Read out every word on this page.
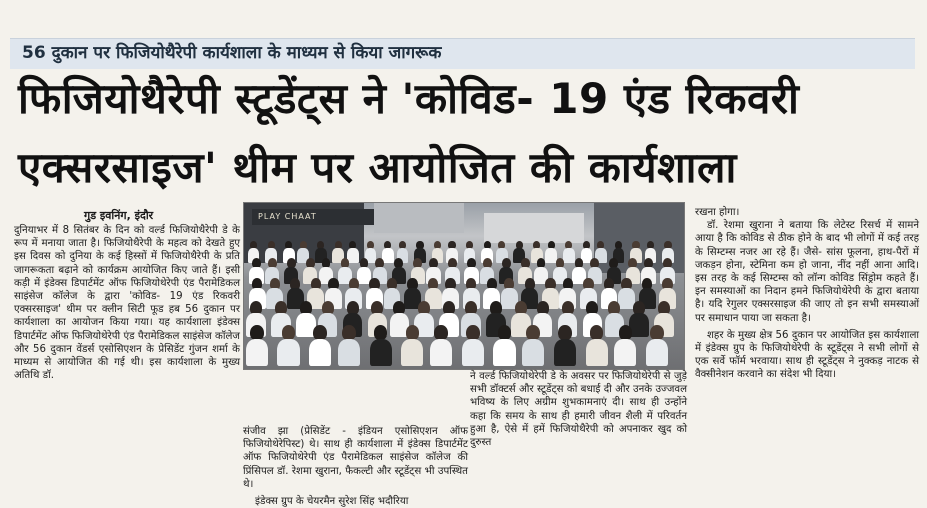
56 दुकान पर फिजियोथैरेपी कार्यशाला के माध्यम से किया जागरूक
फिजियोथैरेपी स्टूडेंट्स ने 'कोविड- 19 एंड रिकवरी
एक्सरसाइज' थीम पर आयोजित की कार्यशाला
गुड इवनिंग, इंदौर

दुनियाभर में 8 सितंबर के दिन को वर्ल्ड फिजियोथैरेपी डे के रूप में मनाया जाता है। फिजियोथैरेपी के महत्व को देखते हुए इस दिवस को दुनिया के कई हिस्सों में फिजियोथैरेपी के प्रति जागरूकता बढ़ाने को कार्यक्रम आयोजित किए जाते हैं। इसी कड़ी में इंडेक्स डिपार्टमेंट ऑफ फिजियोथेरेपी एंड पैरामेडिकल साइंसेज कॉलेज के द्वारा 'कोविड- 19 एंड रिकवरी एक्सरसाइज' थीम पर क्लीन सिटी फूड हब 56 दुकान पर कार्यशाला का आयोजन किया गया। यह कार्यशाला इंडेक्स डिपार्टमेंट ऑफ फिजियोथेरेपी एंड पैरामेडिकल साइंसेज कॉलेज और 56 दुकान वेंडर्स एसोसिएशन के प्रेसिडेंट गुंजन शर्मा के माध्यम से आयोजित की गई थी। इस कार्यशाला के मुख्य अतिथि डॉ.

PLAY CHAAT

संजीव झा (प्रेसिडेंट - इंडियन एसोसिएशन ऑफ फिजियोथेरेपिस्ट) थे। साथ ही कार्यशाला में इंडेक्स डिपार्टमेंट ऑफ फिजियोथेरेपी एंड पैरामेडिकल साइंसेज कॉलेज की प्रिंसिपल डॉ. रेशमा खुराना, फैकल्टी और स्टूडेंट्स भी उपस्थित थे।

इंडेक्स ग्रुप के चेयरमैन सुरेश सिंह भदौरिया

ने वर्ल्ड फिजियोथेरेपी डे के अवसर पर फिजियोथेरेपी से जुड़े सभी डॉक्टर्स और स्टूडेंट्स को बधाई दी और उनके उज्जवल भविष्य के लिए अग्रीम शुभकामनाएं दी। साथ ही उन्होंने कहा कि समय के साथ ही हमारी जीवन शैली में परिवर्तन हुआ है, ऐसे में हमें फिजियोथैरेपी को अपनाकर खुद को दुरुस्त

रखना होगा।

डॉ. रेशमा खुराना ने बताया कि लेटेस्ट रिसर्च में सामने आया है कि कोविड से ठीक होने के बाद भी लोगों में कई तरह के सिम्टम्स नजर आ रहे हैं। जैसे- सांस फूलना, हाथ-पैरों में जकड़न होना, स्टेमिना कम हो जाना, नींद नहीं आना आदि। इस तरह के कई सिम्टम्स को लॉन्ग कोविड सिंड्रोम कहते हैं। इन समस्याओं का निदान हमने फिजियोथेरेपी के द्वारा बताया है। यदि रेगुलर एक्सरसाइज की जाए तो इन सभी समस्याओं पर समाधान पाया जा सकता है।

शहर के मुख्य क्षेत्र 56 दुकान पर आयोजित इस कार्यशाला में इंडेक्स ग्रुप के फिजियोथेरेपी के स्टूडेंट्स ने सभी लोगों से एक सर्वे फॉर्म भरवाया। साथ ही स्टूडेंट्स ने नुक्कड़ नाटक से वैक्सीनेशन करवाने का संदेश भी दिया।
